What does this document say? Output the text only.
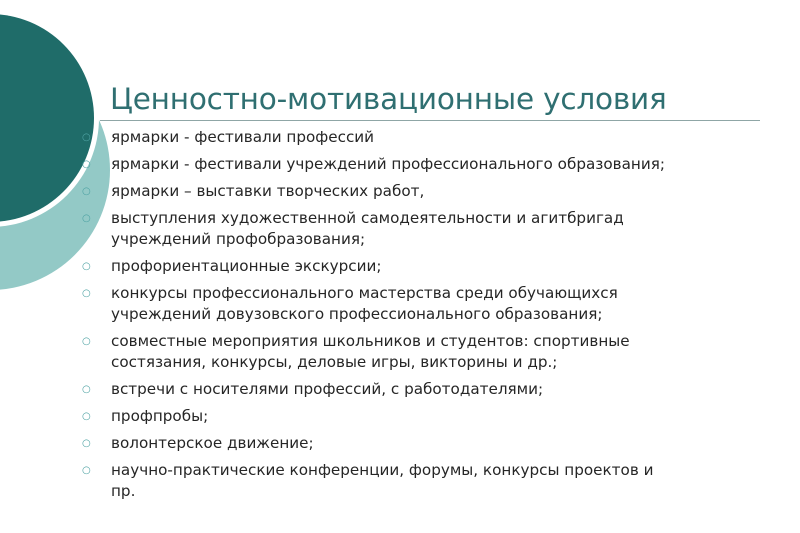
Ценностно-мотивационные условия
○ ярмарки - фестивали профессий
○ ярмарки - фестивали учреждений профессионального образования;
○ ярмарки – выставки творческих работ,
○ выступления художественной самодеятельности и агитбригад
учреждений профобразования;
○ профориентационные экскурсии;
○ конкурсы профессионального мастерства среди обучающихся
учреждений довузовского профессионального образования;
○ совместные мероприятия школьников и студентов: спортивные
состязания, конкурсы, деловые игры, викторины и др.;
○ встречи с носителями профессий, с работодателями;
○ профпробы;
○ волонтерское движение;
○ научно-практические конференции, форумы, конкурсы проектов и
пр.
